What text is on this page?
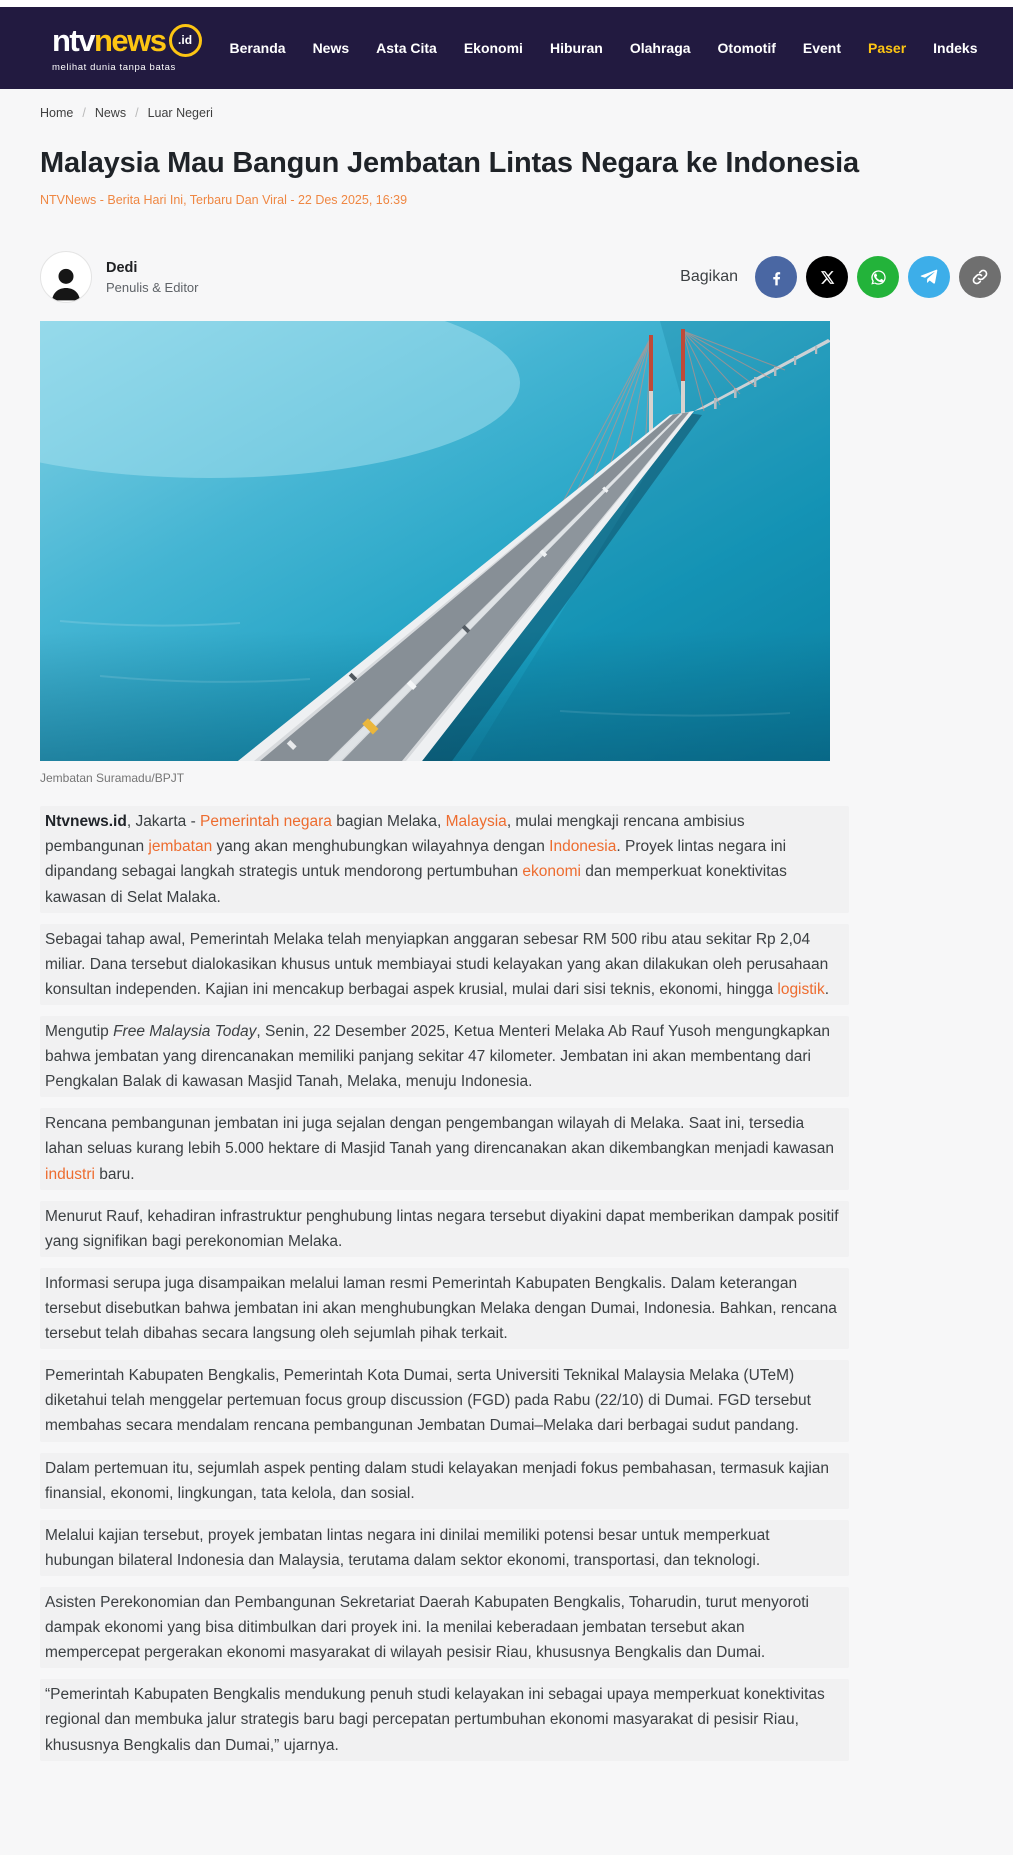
ntv news	.id
melihat dunia tanpa batas
Beranda News Asta Cita Ekonomi Hiburan Olahraga Otomotif Event Paser Indeks
Home / News / Luar Negeri
Malaysia Mau Bangun Jembatan Lintas Negara ke Indonesia
NTVNews - Berita Hari Ini, Terbaru Dan Viral - 22 Des 2025, 16:39
Dedi
Penulis & Editor
Bagikan
Jembatan Suramadu/BPJT

Ntvnews.id, Jakarta - Pemerintah negara bagian Melaka, Malaysia, mulai mengkaji rencana ambisius pembangunan jembatan yang akan menghubungkan wilayahnya dengan Indonesia. Proyek lintas negara ini dipandang sebagai langkah strategis untuk mendorong pertumbuhan ekonomi dan memperkuat konektivitas kawasan di Selat Malaka.

Sebagai tahap awal, Pemerintah Melaka telah menyiapkan anggaran sebesar RM 500 ribu atau sekitar Rp 2,04 miliar. Dana tersebut dialokasikan khusus untuk membiayai studi kelayakan yang akan dilakukan oleh perusahaan konsultan independen. Kajian ini mencakup berbagai aspek krusial, mulai dari sisi teknis, ekonomi, hingga logistik.

Mengutip Free Malaysia Today, Senin, 22 Desember 2025, Ketua Menteri Melaka Ab Rauf Yusoh mengungkapkan bahwa jembatan yang direncanakan memiliki panjang sekitar 47 kilometer. Jembatan ini akan membentang dari Pengkalan Balak di kawasan Masjid Tanah, Melaka, menuju Indonesia.

Rencana pembangunan jembatan ini juga sejalan dengan pengembangan wilayah di Melaka. Saat ini, tersedia lahan seluas kurang lebih 5.000 hektare di Masjid Tanah yang direncanakan akan dikembangkan menjadi kawasan industri baru.

Menurut Rauf, kehadiran infrastruktur penghubung lintas negara tersebut diyakini dapat memberikan dampak positif yang signifikan bagi perekonomian Melaka.

Informasi serupa juga disampaikan melalui laman resmi Pemerintah Kabupaten Bengkalis. Dalam keterangan tersebut disebutkan bahwa jembatan ini akan menghubungkan Melaka dengan Dumai, Indonesia. Bahkan, rencana tersebut telah dibahas secara langsung oleh sejumlah pihak terkait.

Pemerintah Kabupaten Bengkalis, Pemerintah Kota Dumai, serta Universiti Teknikal Malaysia Melaka (UTeM) diketahui telah menggelar pertemuan focus group discussion (FGD) pada Rabu (22/10) di Dumai. FGD tersebut membahas secara mendalam rencana pembangunan Jembatan Dumai–Melaka dari berbagai sudut pandang.

Dalam pertemuan itu, sejumlah aspek penting dalam studi kelayakan menjadi fokus pembahasan, termasuk kajian finansial, ekonomi, lingkungan, tata kelola, dan sosial.

Melalui kajian tersebut, proyek jembatan lintas negara ini dinilai memiliki potensi besar untuk memperkuat hubungan bilateral Indonesia dan Malaysia, terutama dalam sektor ekonomi, transportasi, dan teknologi.

Asisten Perekonomian dan Pembangunan Sekretariat Daerah Kabupaten Bengkalis, Toharudin, turut menyoroti dampak ekonomi yang bisa ditimbulkan dari proyek ini. Ia menilai keberadaan jembatan tersebut akan mempercepat pergerakan ekonomi masyarakat di wilayah pesisir Riau, khususnya Bengkalis dan Dumai.

“Pemerintah Kabupaten Bengkalis mendukung penuh studi kelayakan ini sebagai upaya memperkuat konektivitas regional dan membuka jalur strategis baru bagi percepatan pertumbuhan ekonomi masyarakat di pesisir Riau, khususnya Bengkalis dan Dumai,” ujarnya.
